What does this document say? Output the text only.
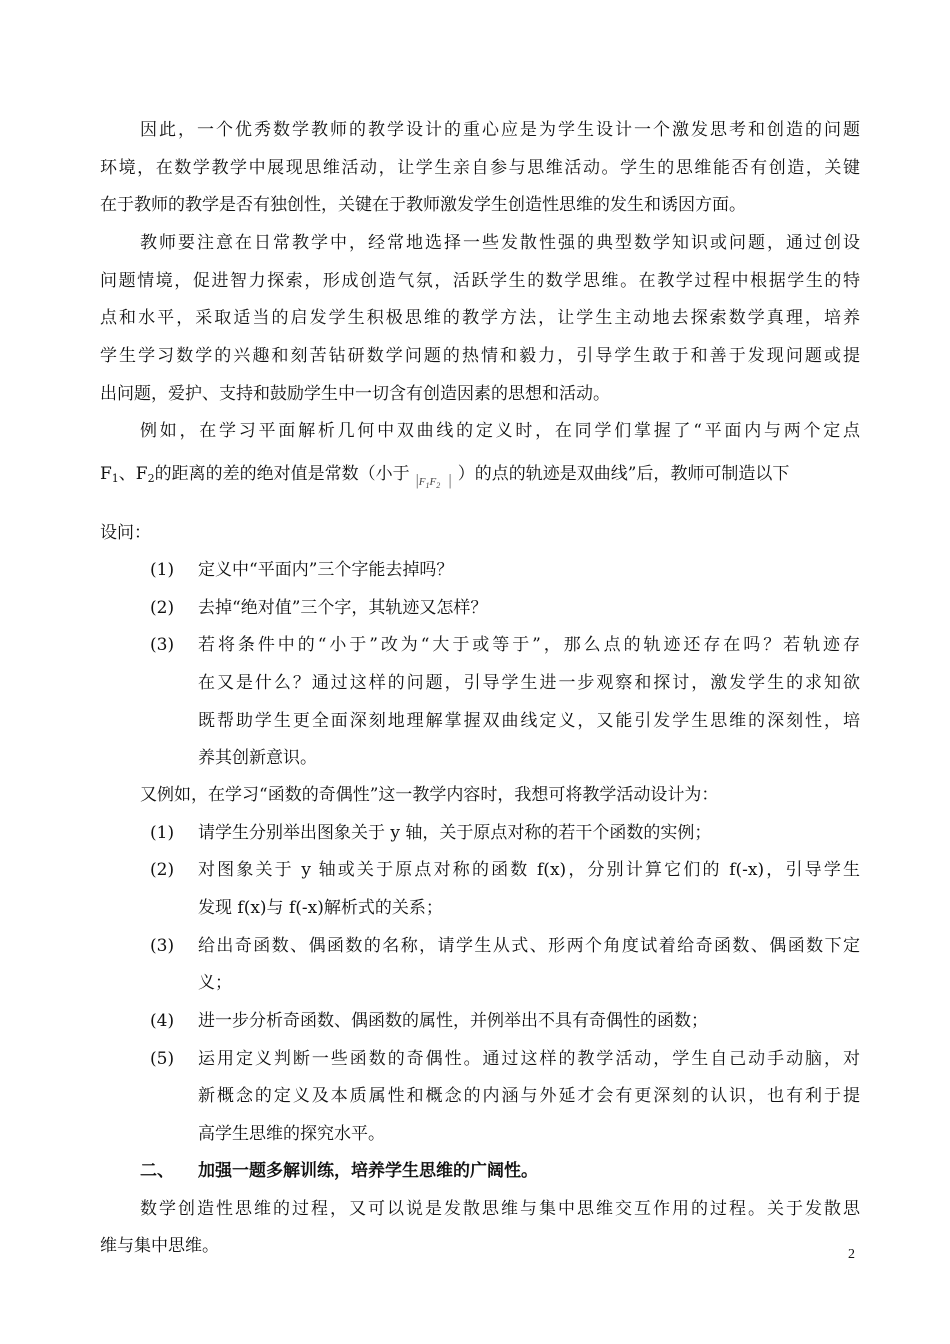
因此，一个优秀数学教师的教学设计的重心应是为学生设计一个激发思考和创造的问题
环境，在数学教学中展现思维活动，让学生亲自参与思维活动。学生的思维能否有创造，关键
在于教师的教学是否有独创性，关键在于教师激发学生创造性思维的发生和诱因方面。
教师要注意在日常教学中，经常地选择一些发散性强的典型数学知识或问题，通过创设
问题情境，促进智力探索，形成创造气氛，活跃学生的数学思维。在教学过程中根据学生的特
点和水平，采取适当的启发学生积极思维的教学方法，让学生主动地去探索数学真理，培养
学生学习数学的兴趣和刻苦钻研数学问题的热情和毅力，引导学生敢于和善于发现问题或提
出问题，爱护、支持和鼓励学生中一切含有创造因素的思想和活动。
例如，在学习平面解析几何中双曲线的定义时，在同学们掌握了“平面内与两个定点
$F_1$、$F_2$的距离的差的绝对值是常数（小于 $|F_1F_2$ | ）的点的轨迹是双曲线”后，教师可制造以下
设问：
(1) 定义中“平面内”三个字能去掉吗？
(2) 去掉“绝对值”三个字，其轨迹又怎样？
(3) 若将条件中的“小于”改为“大于或等于”，那么点的轨迹还存在吗？若轨迹存
在又是什么？通过这样的问题，引导学生进一步观察和探讨，激发学生的求知欲
既帮助学生更全面深刻地理解掌握双曲线定义，又能引发学生思维的深刻性，培
养其创新意识。
又例如，在学习“函数的奇偶性”这一教学内容时，我想可将教学活动设计为：
(1) 请学生分别举出图象关于 y 轴，关于原点对称的若干个函数的实例；
(2) 对图象关于 y 轴或关于原点对称的函数 f(x)，分别计算它们的 f(-x)，引导学生
发现 f(x)与 f(-x)解析式的关系；
(3) 给出奇函数、偶函数的名称，请学生从式、形两个角度试着给奇函数、偶函数下定
义；
(4) 进一步分析奇函数、偶函数的属性，并例举出不具有奇偶性的函数；
(5) 运用定义判断一些函数的奇偶性。通过这样的教学活动，学生自己动手动脑，对
新概念的定义及本质属性和概念的内涵与外延才会有更深刻的认识，也有利于提
高学生思维的探究水平。
二、 加强一题多解训练，培养学生思维的广阔性。
数学创造性思维的过程，又可以说是发散思维与集中思维交互作用的过程。关于发散思
维与集中思维。	2
